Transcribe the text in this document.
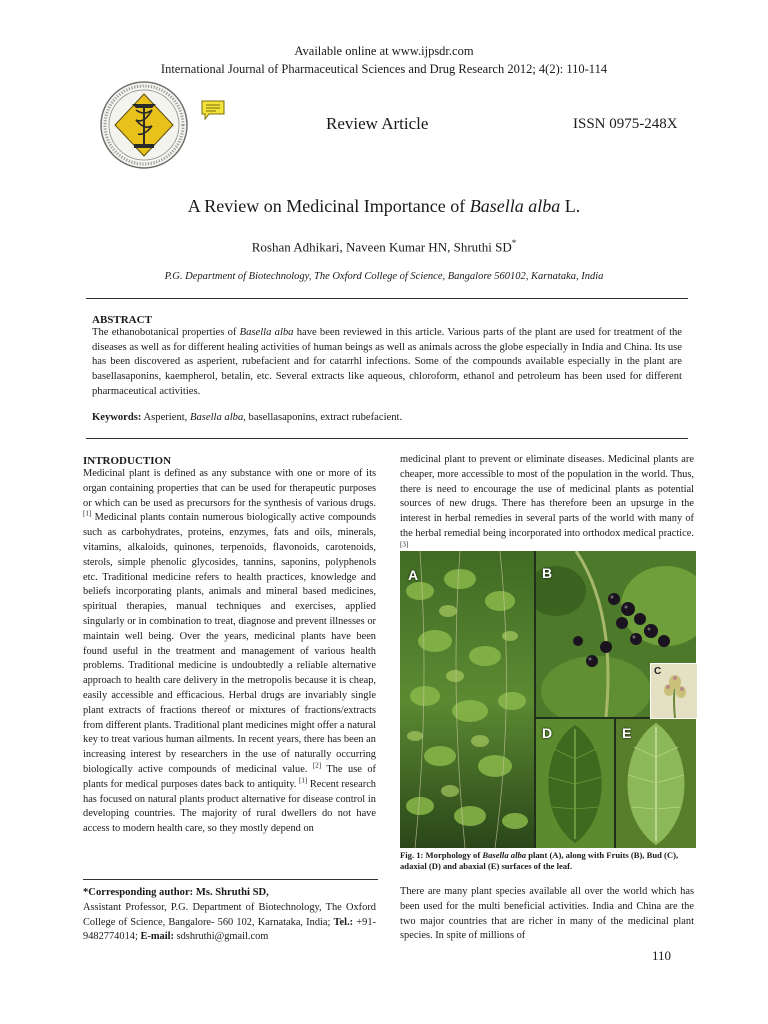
Available online at www.ijpsdr.com
International Journal of Pharmaceutical Sciences and Drug Research 2012; 4(2): 110-114
Review Article	ISSN 0975-248X
A Review on Medicinal Importance of Basella alba L.
Roshan Adhikari, Naveen Kumar HN, Shruthi SD*
P.G. Department of Biotechnology, The Oxford College of Science, Bangalore 560102, Karnataka, India
ABSTRACT
The ethanobotanical properties of Basella alba have been reviewed in this article. Various parts of the plant are used for treatment of the diseases as well as for different healing activities of human beings as well as animals across the globe especially in India and China. Its use has been discovered as asperient, rubefacient and for catarrhl infections. Some of the compounds available especially in the plant are basellasaponins, kaempherol, betalin, etc. Several extracts like aqueous, chloroform, ethanol and petroleum has been used for different pharmaceutical activities.
Keywords: Asperient, Basella alba, basellasaponins, extract rubefacient.
INTRODUCTION
Medicinal plant is defined as any substance with one or more of its organ containing properties that can be used for therapeutic purposes or which can be used as precursors for the synthesis of various drugs. [1] Medicinal plants contain numerous biologically active compounds such as carbohydrates, proteins, enzymes, fats and oils, minerals, vitamins, alkaloids, quinones, terpenoids, flavonoids, carotenoids, sterols, simple phenolic glycosides, tannins, saponins, polyphenols etc. Traditional medicine refers to health practices, knowledge and beliefs incorporating plants, animals and mineral based medicines, spiritual therapies, manual techniques and exercises, applied singularly or in combination to treat, diagnose and prevent illnesses or maintain well being. Over the years, medicinal plants have been found useful in the treatment and management of various health problems. Traditional medicine is undoubtedly a reliable alternative approach to health care delivery in the metropolis because it is cheap, easily accessible and efficacious. Herbal drugs are invariably single plant extracts of fractions thereof or mixtures of fractions/extracts from different plants. Traditional plant medicines might offer a natural key to treat various human ailments. In recent years, there has been an increasing interest by researchers in the use of naturally occurring biologically active compounds of medicinal value. [2] The use of plants for medical purposes dates back to antiquity. [1] Recent research has focused on natural plants product alternative for disease control in developing countries. The majority of rural dwellers do not have access to modern health care, so they mostly depend on
*Corresponding author: Ms. Shruthi SD,
Assistant Professor, P.G. Department of Biotechnology, The Oxford College of Science, Bangalore- 560 102, Karnataka, India; Tel.: +91-9482774014; E-mail: sdshruthi@gmail.com
medicinal plant to prevent or eliminate diseases. Medicinal plants are cheaper, more accessible to most of the population in the world. Thus, there is need to encourage the use of medicinal plants as potential sources of new drugs. There has therefore been an upsurge in the interest in herbal remedies in several parts of the world with many of the herbal remedial being incorporated into orthodox medical practice. [3]
A	B
C
D	E
Fig. 1: Morphology of Basella alba plant (A), along with Fruits (B), Bud (C), adaxial (D) and abaxial (E) surfaces of the leaf.
There are many plant species available all over the world which has been used for the multi beneficial activities. India and China are the two major countries that are richer in many of the medicinal plant species. In spite of millions of
110
